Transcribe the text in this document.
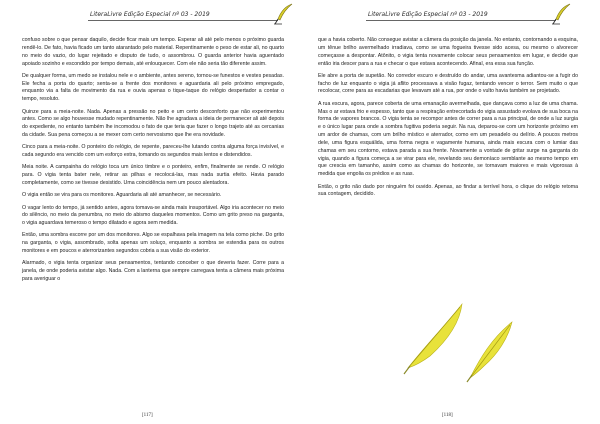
LiteraLivre Edição Especial nº 03 - 2019

confuso sobre o que pensar daquilo, decide ficar mais um tempo. Esperar ali até pelo menos o próximo guarda rendê-lo. De fato, havia ficado um tanto atarantado pelo material. Repentinamente o peso de estar ali, no quarto no meio do vazio, do lugar rejeitado e disputo de tudo, o assombrou. O guarda anterior havia aguentado apoiado sozinho e escondido por tempo demais, até enlouquecer. Com ele não seria tão diferente assim.

De qualquer forma, um medo se instalou nele e o ambiente, antes sereno, tornou-se funestos e vestes pesadas. Ele fecha a porta do quarto; senta-se a frente dos monitores e aguardaria ali pelo próximo empregado, enquanto via a falta de movimento da rua e ouvia apenas o tique-taque do relógio despertador a contar o tempo, resoluto.

Quinze para a meia-noite. Nada. Apenas a pressão no peito e um certo desconforto que não experimentou antes. Como se algo houvesse mudado repentinamente. Não lhe agradava a ideia de permanecer ali até depois do expediente, no entanto também lhe incomodou o fato de que teria que fazer o longo trajeto até as cercanias da cidade. Sua pena começou a se mexer com certo nervosismo que lhe era novidade.

Cinco para a meia-noite. O ponteiro do relógio, de repente, pareceu-lhe lutando contra alguma força invisível, e cada segundo era vencido com um esforço extra, tomando os segundos mais lentos e distendidos.

Meia noite. A campainha do relógio toca um único timbre e o ponteiro, enfim, finalmente se rende. O relógio para. O vigia tenta bater nele, retirar as pilhas e recolocá-las, mas nada surtia efeito. Havia parado completamente, como se tivesse desistido. Uma coincidência nem um pouco alentadora.

O vigia então se vira para os monitores. Aguardaria ali até amanhecer, se necessário.

O vagar lento do tempo, já sentido antes, agora tomava-se ainda mais insuportável. Algo iria acontecer no meio do silêncio, no meio da penumbra, no meio do abismo daqueles momentos. Como um grito preso na garganta, o vigia aguardava temeroso o tempo dilatado e agora sem medida.

Então, uma sombra escorre por um dos monitores. Algo se espalhava pela imagem na tela como piche. Do grito na garganta, o vigia, assombrado, solta apenas um soluço, enquanto a sombra se estendia para os outros monitores e em poucos e aterrorizantes segundos cobria a sua visão do exterior.

Alarmado, o vigia tenta organizar seus pensamentos, tentando conceber o que deveria fazer. Corre para a janela, de onde poderia avistar algo. Nada. Com a lanterna que sempre carregava tenta a câmera mais próxima para averiguar o

[117]
LiteraLivre Edição Especial nº 03 - 2019

que a havia coberto. Não consegue avistar a câmera da posição da janela. No entanto, contornando a esquina, um tênue brilho avermelhado irradiava, como se uma fogueira tivesse sido acesa, ou mesmo o alvorecer começasse a despontar. Atônito, o vigia tenta novamente colocar seus pensamentos em lugar, e decide que então iria descer para a rua e checar o que estava acontecendo. Afinal, era essa sua função.

Ele abre a porta de supetão. No corredor escuro e destruído do andar, uma avantesma adiantou-se a fugir do facho de luz enquanto o vigia já aflito processava a visão fugaz, tentando vencer o terror. Sem muito o que recolocar, corre para as escadarias que levavam até a rua, por onde o vulto havia também se projetado.

A rua escura, agora, parece coberta de uma emanação avermelhada, que dançava como a luz de uma chama. Mas o ar estava frio e espesso, tanto que a respiração entrecortada do vigia assustado evolava de sua boca na forma de vapores brancos. O vigia tenta se recompor antes de correr para a rua principal, de onde a luz surgia e o único lugar para onde a sombra fugitiva poderia seguir. Na rua, deparou-se com um horizonte próximo em um ardor de chamas, com um brilho místico e aterrador, como em um pesadelo ou delírio. A poucos metros dele, uma figura esquálida, uma forma negra e vagamente humana, ainda mais escura com o lumiar das chamas em seu contorno, estava parada a sua frente. Novamente a vontade de gritar surge na garganta do vigia, quando a figura começa a se virar para ele, revelando seu demoníaco semblante ao mesmo tempo em que crescia em tamanho, assim como as chamas do horizonte, se tornavam maiores e mais vigorosas à medida que engolia os prédios e as ruas.

Então, o grito não dado por ninguém foi ouvido. Apenas, ao findar a terrível hora, o clique do relógio retoma sua contagem, decidido.

[118]
